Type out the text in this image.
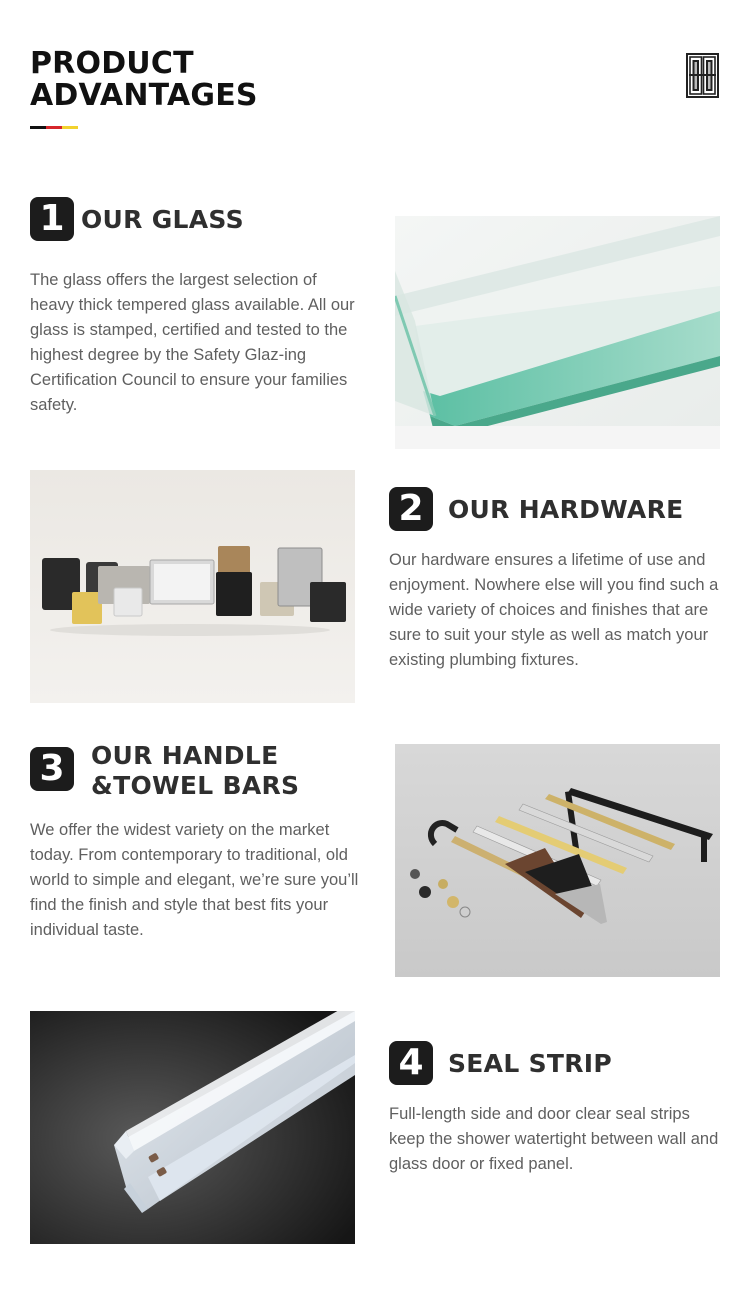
PRODUCT
ADVANTAGES
1 OUR GLASS

The glass offers the largest selection of heavy thick tempered glass available. All our glass is stamped, certified and tested to the highest degree by the Safety Glaz-ing Certification Council to ensure your families safety.

2 OUR HARDWARE

Our hardware ensures a lifetime of use and enjoyment. Nowhere else will you find such a wide variety of choices and finishes that are sure to suit your style as well as match your existing plumbing fixtures.

3 OUR HANDLE
&TOWEL BARS

We offer the widest variety on the market today. From contemporary to traditional, old world to simple and elegant, we’re sure you’ll find the finish and style that best fits your individual taste.

4 SEAL STRIP

Full-length side and door clear seal strips keep the shower watertight between wall and glass door or fixed panel.
